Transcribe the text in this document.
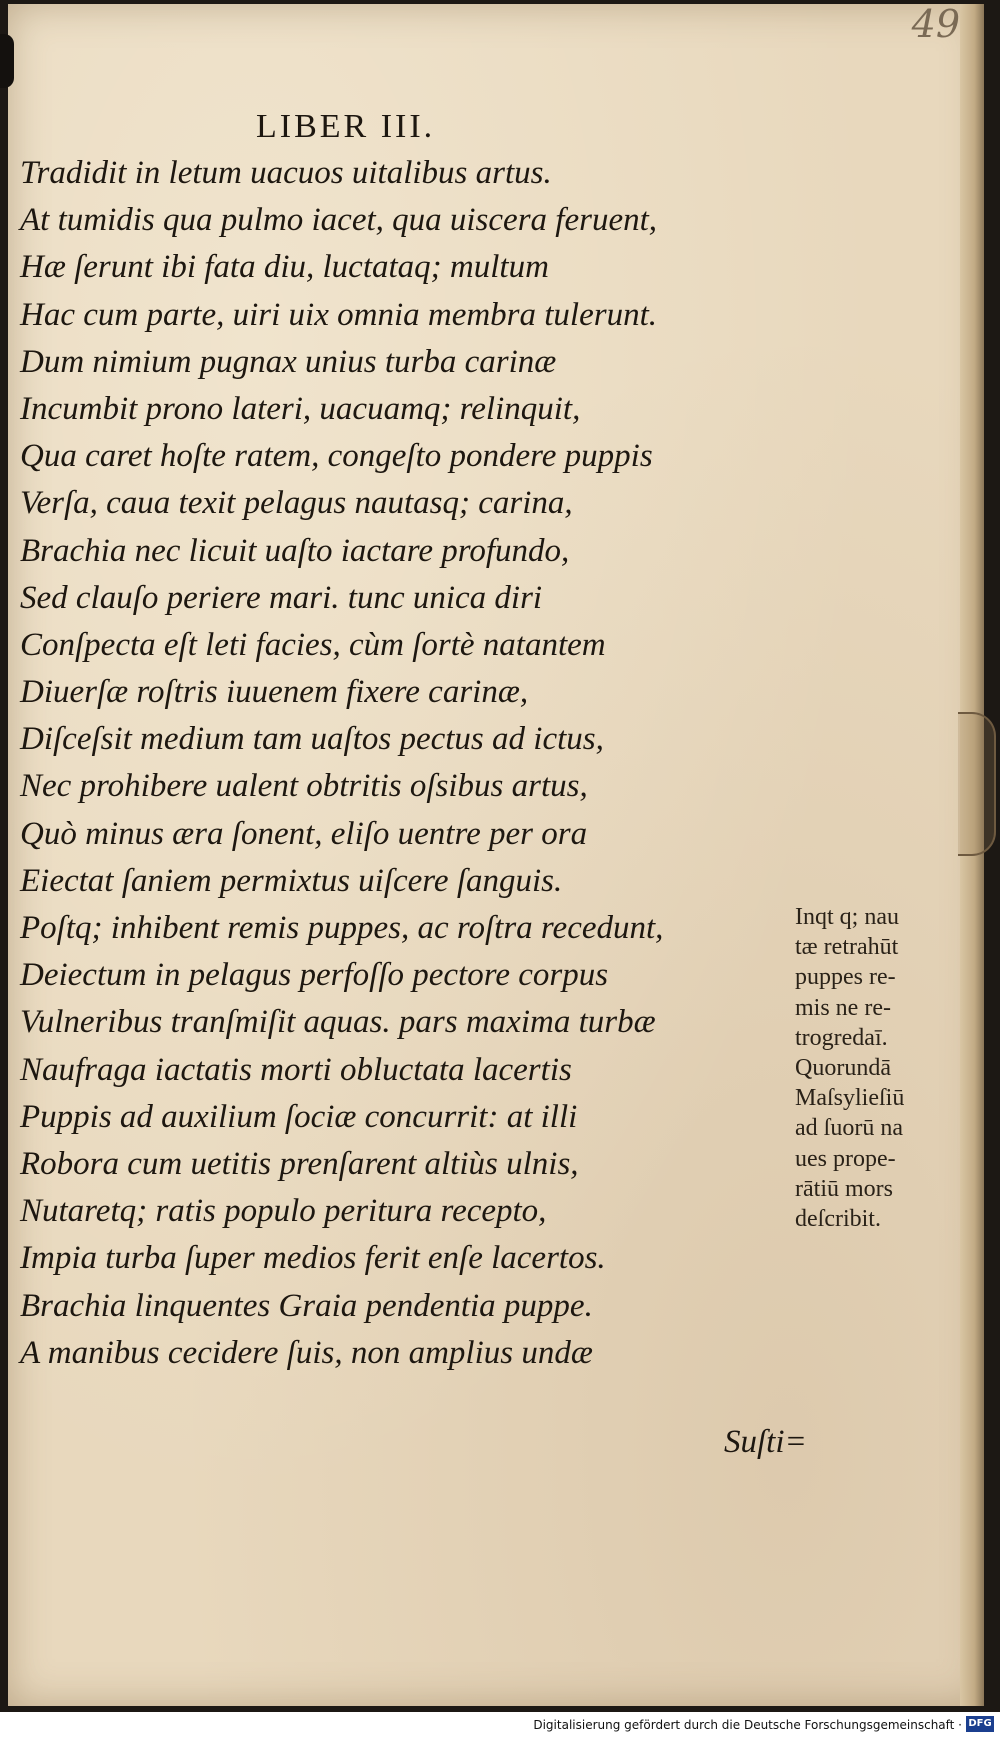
49
LIBER III.
Tradidit in letum uacuos uitalibus artus.
At tumidis qua pulmo iacet, qua uiscera feruent,
Hæ ſerunt ibi fata diu, luctataq; multum
Hac cum parte, uiri uix omnia membra tulerunt.
Dum nimium pugnax unius turba carinæ
Incumbit prono lateri, uacuamq; relinquit,
Qua caret hoſte ratem, congeſto pondere puppis
Verſa, caua texit pelagus nautasq; carina,
Brachia nec licuit uaſto iactare profundo,
Sed clauſo periere mari. tunc unica diri
Conſpecta eſt leti facies, cùm ſortè natantem
Diuerſæ roſtris iuuenem fixere carinæ,
Diſceſsit medium tam uaſtos pectus ad ictus,
Nec prohibere ualent obtritis oſsibus artus,
Quò minus æra ſonent, eliſo uentre per ora
Eiectat ſaniem permixtus uiſcere ſanguis.
Poſtq; inhibent remis puppes, ac roſtra recedunt,
Deiectum in pelagus perfoſſo pectore corpus
Vulneribus tranſmiſit aquas. pars maxima turbæ
Naufraga iactatis morti obluctata lacertis
Puppis ad auxilium ſociæ concurrit: at illi
Robora cum uetitis prenſarent altiùs ulnis,
Nutaretq; ratis populo peritura recepto,
Impia turba ſuper medios ferit enſe lacertos.
Brachia linquentes Graia pendentia puppe.
A manibus cecidere ſuis, non amplius undæ
Inqt q; nau
tæ retrahūt
puppes re-
mis ne re-
trogredaī.
Quorundā
Maſsylieſiū
ad ſuorū na
ues prope-
rātiū mors
deſcribit.
Suſti=
Digitalisierung gefördert durch die Deutsche Forschungsgemeinschaft · DFG
